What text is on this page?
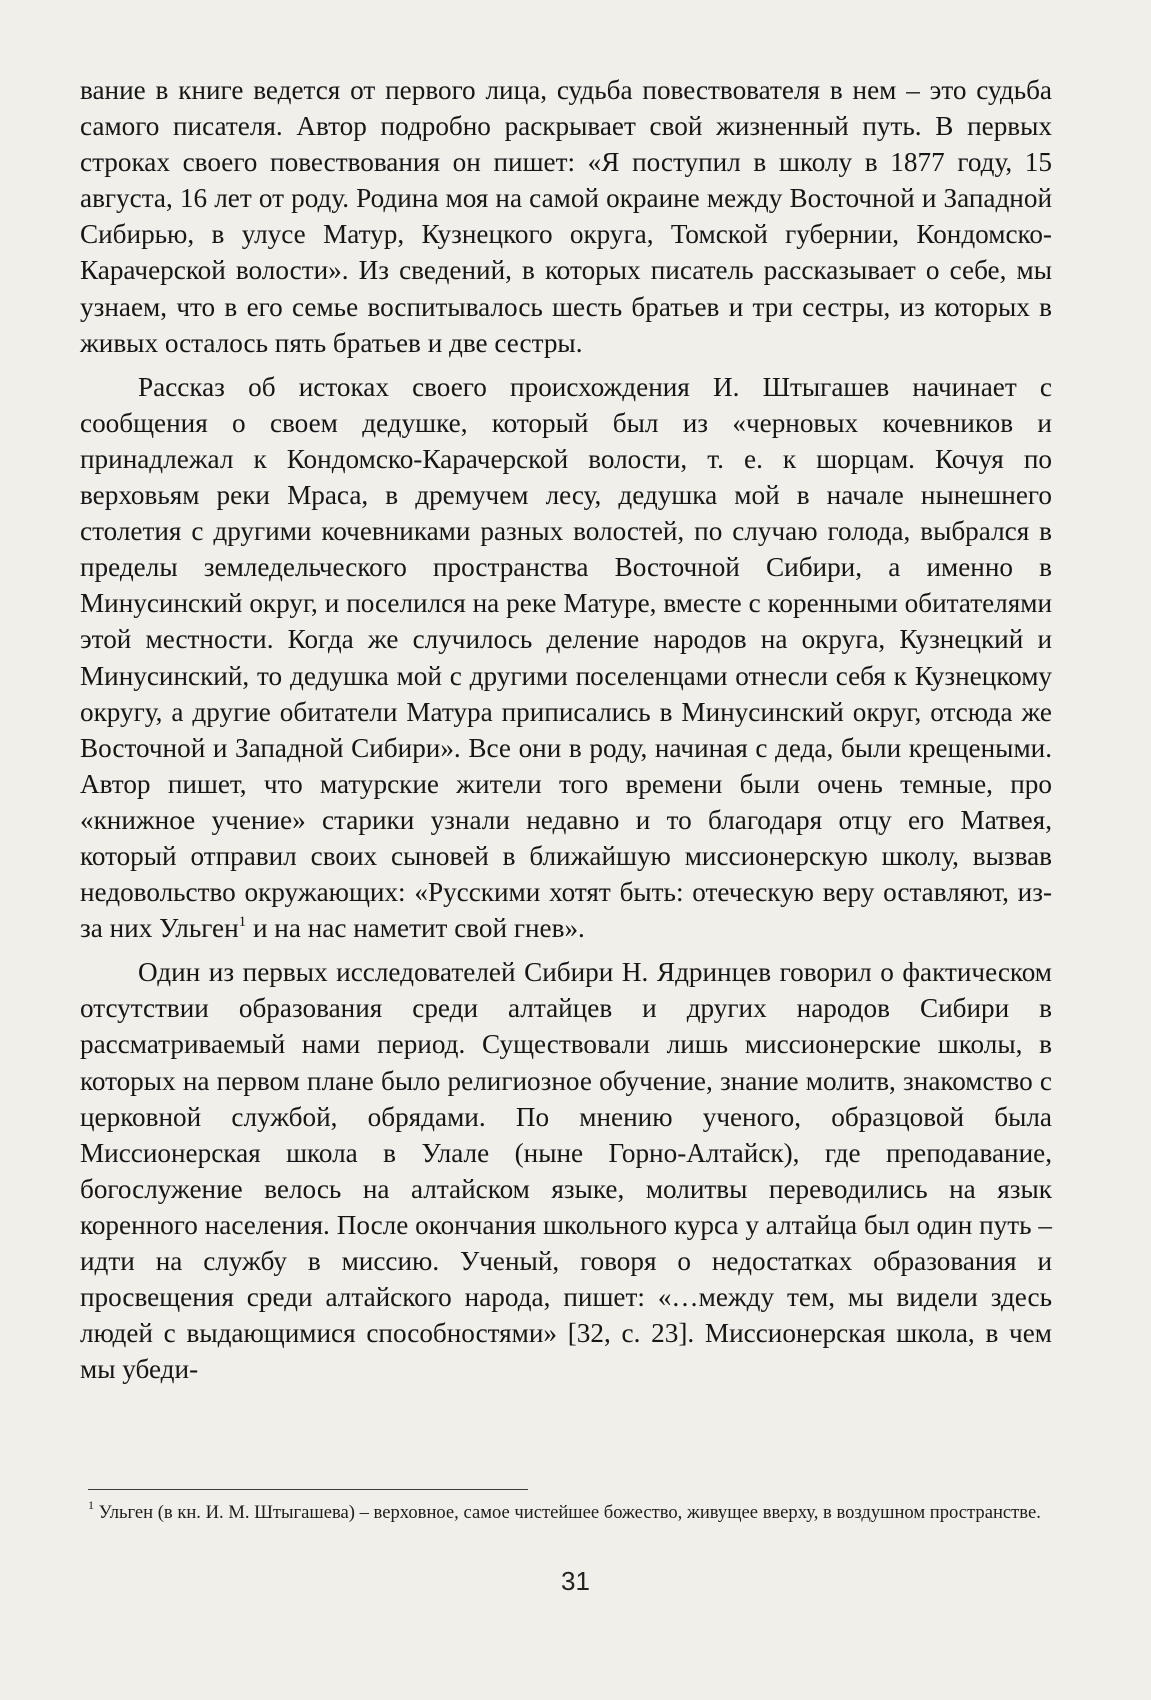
вание в книге ведется от первого лица, судьба повествователя в нем – это судьба самого писателя. Автор подробно раскрывает свой жизненный путь. В первых строках своего повествования он пишет: «Я поступил в школу в 1877 году, 15 августа, 16 лет от роду. Родина моя на самой окраине между Восточной и Западной Сибирью, в улусе Матур, Кузнецкого округа, Томской губернии, Кондомско-Карачерской волости». Из сведений, в которых писатель рассказывает о себе, мы узнаем, что в его семье воспитывалось шесть братьев и три сестры, из которых в живых осталось пять братьев и две сестры.

Рассказ об истоках своего происхождения И. Штыгашев начинает с сообщения о своем дедушке, который был из «черновых кочевников и принадлежал к Кондомско-Карачерской волости, т. е. к шорцам. Кочуя по верховьям реки Мраса, в дремучем лесу, дедушка мой в начале нынешнего столетия с другими кочевниками разных волостей, по случаю голода, выбрался в пределы земледельческого пространства Восточной Сибири, а именно в Минусинский округ, и поселился на реке Матуре, вместе с коренными обитателями этой местности. Когда же случилось деление народов на округа, Кузнецкий и Минусинский, то дедушка мой с другими поселенцами отнесли себя к Кузнецкому округу, а другие обитатели Матура приписались в Минусинский округ, отсюда же Восточной и Западной Сибири». Все они в роду, начиная с деда, были крещеными. Автор пишет, что матурские жители того времени были очень темные, про «книжное учение» старики узнали недавно и то благодаря отцу его Матвея, который отправил своих сыновей в ближайшую миссионерскую школу, вызвав недовольство окружающих: «Русскими хотят быть: отеческую веру оставляют, из-за них Ульген$^1$ и на нас наметит свой гнев».

Один из первых исследователей Сибири Н. Ядринцев говорил о фактическом отсутствии образования среди алтайцев и других народов Сибири в рассматриваемый нами период. Существовали лишь миссионерские школы, в которых на первом плане было религиозное обучение, знание молитв, знакомство с церковной службой, обрядами. По мнению ученого, образцовой была Миссионерская школа в Улале (ныне Горно-Алтайск), где преподавание, богослужение велось на алтайском языке, молитвы переводились на язык коренного населения. После окончания школьного курса у алтайца был один путь – идти на службу в миссию. Ученый, говоря о недостатках образования и просвещения среди алтайского народа, пишет: «…между тем, мы видели здесь людей с выдающимися способностями» [32, с. 23]. Миссионерская школа, в чем мы убеди-

$^1$ Ульген (в кн. И. М. Штыгашева) – верховное, самое чистейшее божество, живущее вверху, в воздушном пространстве.
31
